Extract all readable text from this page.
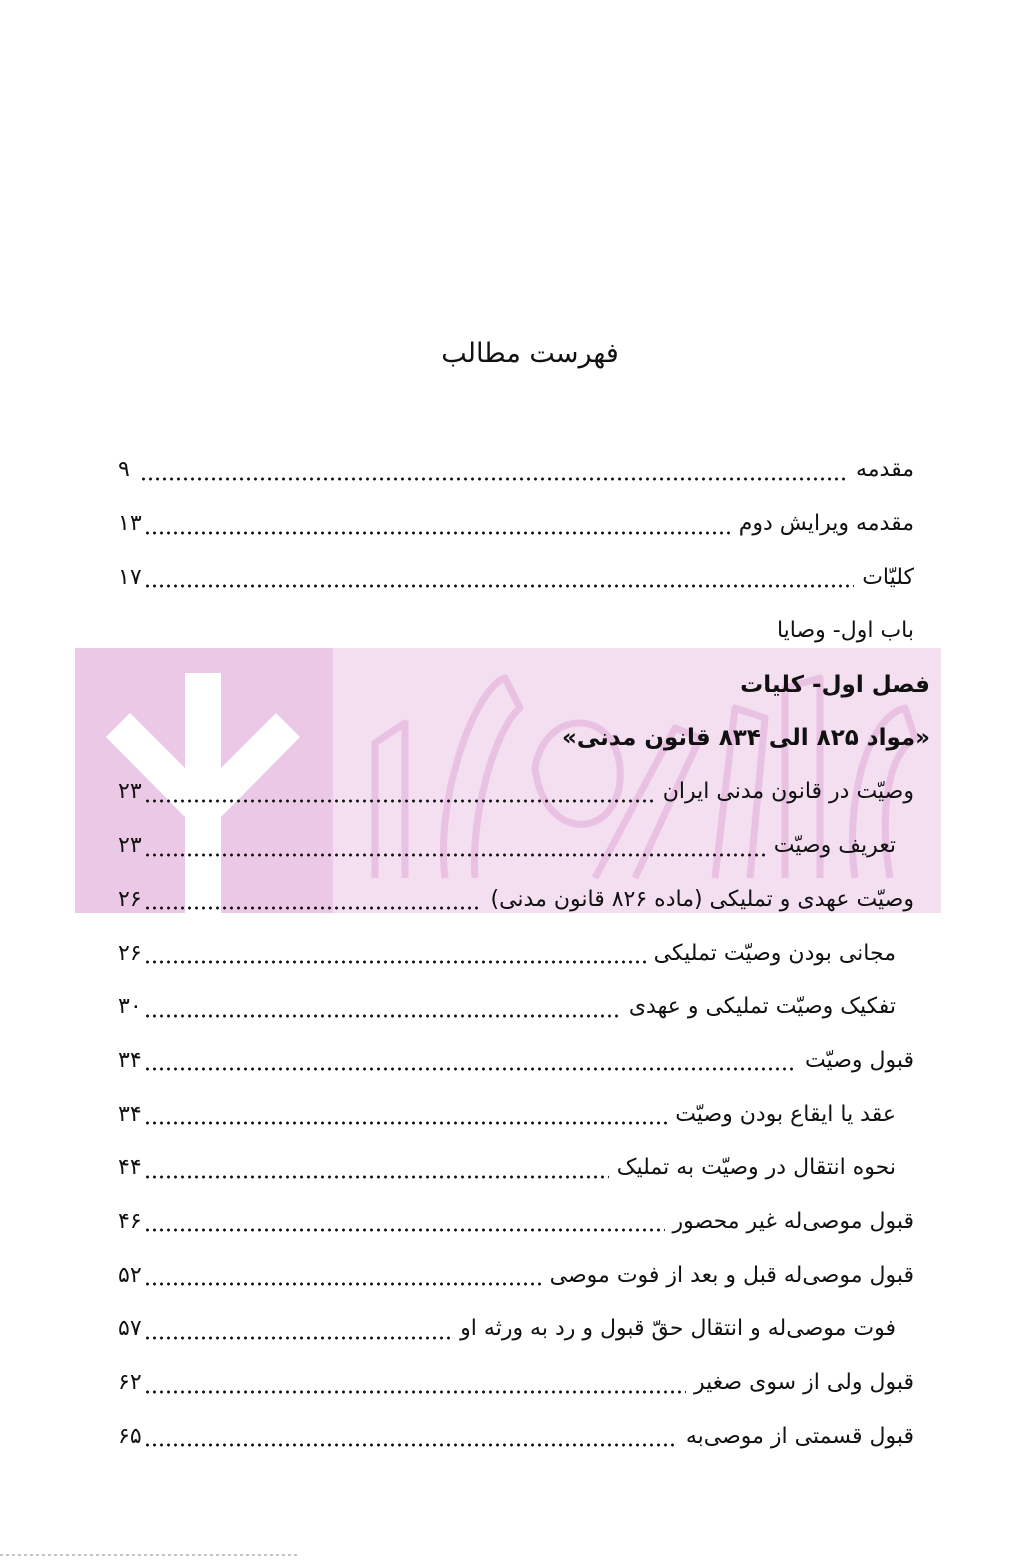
فهرست مطالب
مقدمه
۹
مقدمه ویرایش دوم
۱۳
کلیّات
۱۷
باب اول- وصایا
فصل اول- کلیات
«مواد ۸۲۵ الی ۸۳۴ قانون مدنی»
وصیّت در قانون مدنی ایران
۲۳
تعریف وصیّت
۲۳
وصیّت عهدی و تملیکی (ماده ۸۲۶ قانون مدنی)
۲۶
مجانی بودن وصیّت تملیکی
۲۶
تفکیک وصیّت تملیکی و عهدی
۳۰
قبول وصیّت
۳۴
عقد یا ایقاع بودن وصیّت
۳۴
نحوه انتقال در وصیّت به تملیک
۴۴
قبول موصی‌له غیر محصور
۴۶
قبول موصی‌له قبل و بعد از فوت موصی
۵۲
فوت موصی‌له و انتقال حقّ قبول و رد به ورثه او
۵۷
قبول ولی از سوی صغیر
۶۲
قبول قسمتی از موصی‌به
۶۵
